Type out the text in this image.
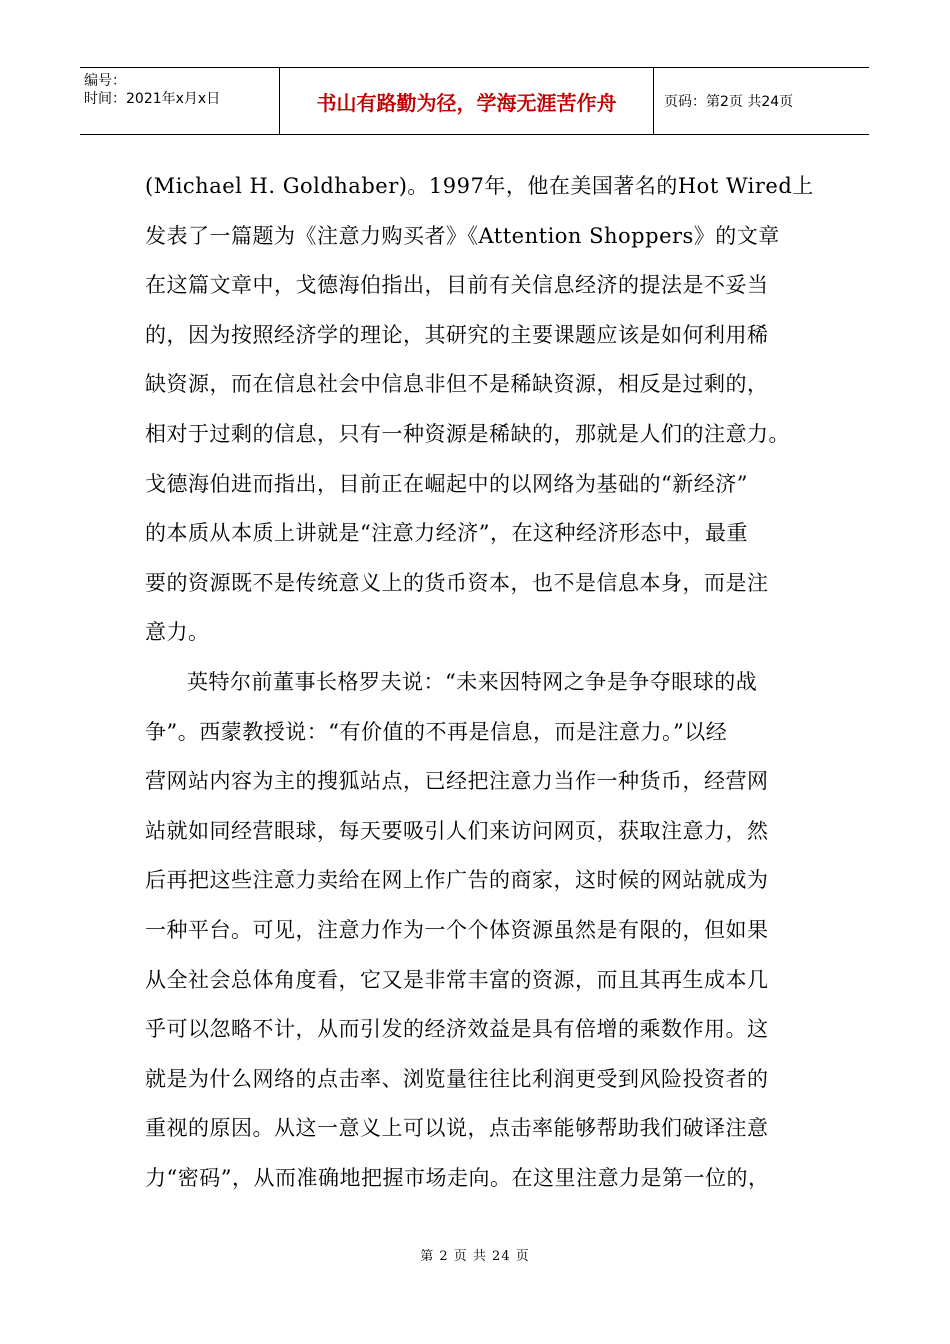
编号：
时间：2021年x月x日	书山有路勤为径，学海无涯苦作舟	页码：第2页 共24页

(Michael H. Goldhaber)。1997年，他在美国著名的Hot Wired上

发表了一篇题为《注意力购买者》《Attention Shoppers》的文章

在这篇文章中，戈德海伯指出，目前有关信息经济的提法是不妥当

的，因为按照经济学的理论，其研究的主要课题应该是如何利用稀

缺资源，而在信息社会中信息非但不是稀缺资源，相反是过剩的，

相对于过剩的信息，只有一种资源是稀缺的，那就是人们的注意力。

戈德海伯进而指出，目前正在崛起中的以网络为基础的“新经济”

的本质从本质上讲就是“注意力经济”，在这种经济形态中，最重

要的资源既不是传统意义上的货币资本，也不是信息本身，而是注

意力。

英特尔前董事长格罗夫说：“未来因特网之争是争夺眼球的战

争”。西蒙教授说：“有价值的不再是信息，而是注意力。”以经

营网站内容为主的搜狐站点，已经把注意力当作一种货币，经营网

站就如同经营眼球，每天要吸引人们来访问网页，获取注意力，然

后再把这些注意力卖给在网上作广告的商家，这时候的网站就成为

一种平台。可见，注意力作为一个个体资源虽然是有限的，但如果

从全社会总体角度看，它又是非常丰富的资源，而且其再生成本几

乎可以忽略不计，从而引发的经济效益是具有倍增的乘数作用。这

就是为什么网络的点击率、浏览量往往比利润更受到风险投资者的

重视的原因。从这一意义上可以说，点击率能够帮助我们破译注意

力“密码”，从而准确地把握市场走向。在这里注意力是第一位的，

第 2 页 共 24 页
